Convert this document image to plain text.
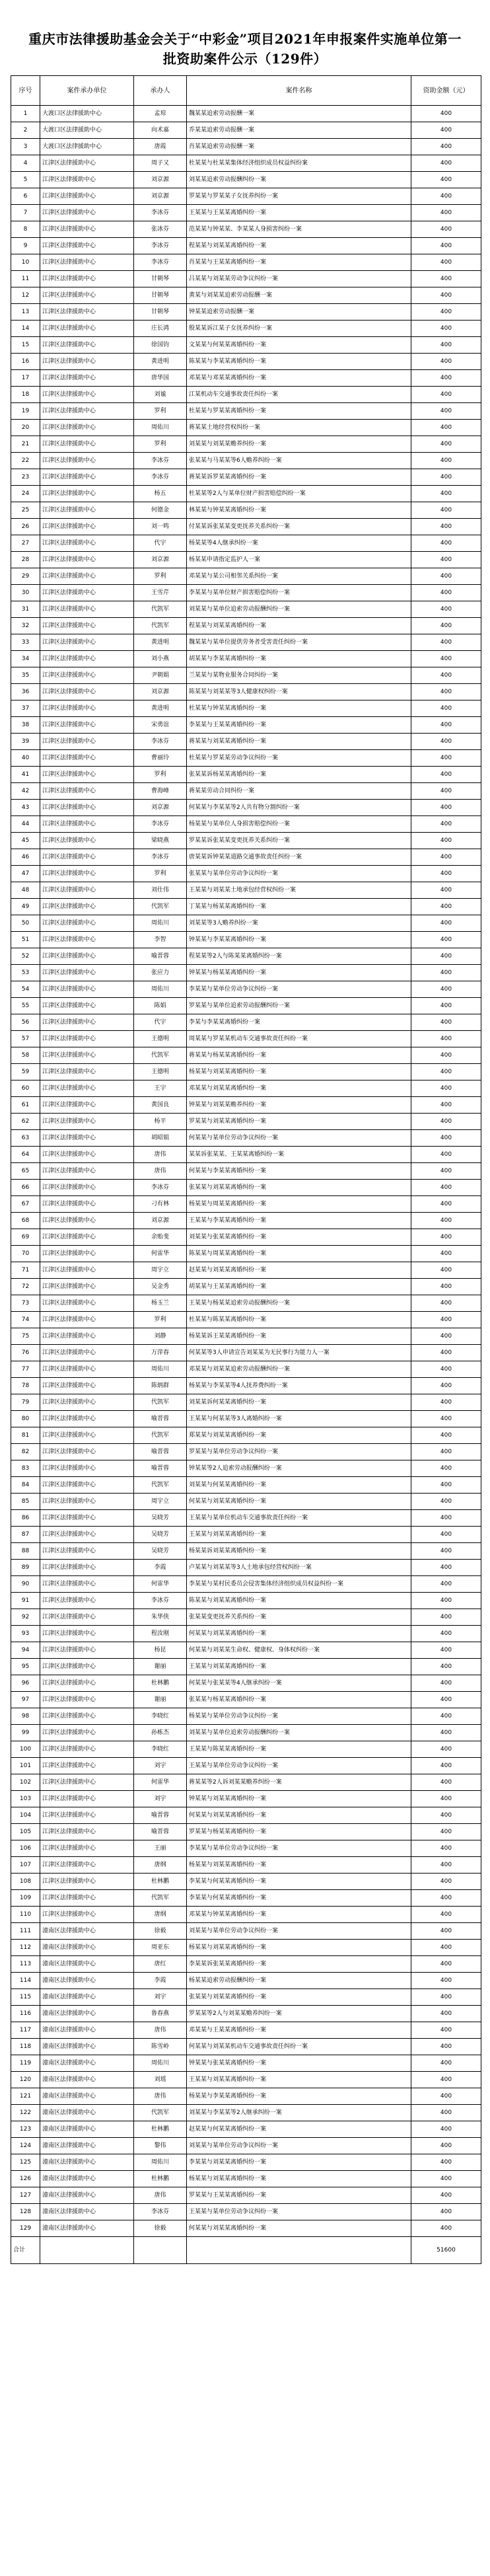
重庆市法律援助基金会关于“中彩金”项目2021年申报案件实施单位第一批资助案件公示（129件）
序号	案件承办单位	承办人	案件名称	资助金额（元）
1	大渡口区法律援助中心	孟琼	魏某某追索劳动报酬一案	400
2	大渡口区法律援助中心	向术嘉	乔某某追索劳动报酬一案	400
3	大渡口区法律援助中心	唐霞	肖某某追索劳动报酬一案	400
4	江津区法律援助中心	周子又	杜某某与杜某某集体经济组织成员权益纠纷案	400
5	江津区法律援助中心	刘京源	刘某某追索劳动报酬纠纷一案	400
6	江津区法律援助中心	刘京源	罗某某与罗某某子女抚养纠纷一案	400
7	江津区法律援助中心	李冰芬	王某某与王某某离婚纠纷一案	400
8	江津区法律援助中心	张冰芬	范某某与钟某某、李某某人身损害纠纷一案	400
9	江津区法律援助中心	李冰芬	程某某与刘某某离婚纠纷一案	400
10	江津区法律援助中心	李冰芬	肖某某与王某某离婚纠纷一案	400
11	江津区法律援助中心	甘朝琴	吕某某与刘某某劳动争议纠纷一案	400
12	江津区法律援助中心	甘朝琴	黄某与刘某某追索劳动报酬一案	400
13	江津区法律援助中心	甘朝琴	钟某某追索劳动报酬一案	400
14	江津区法律援助中心	庄长鸿	殷某某诉江某子女抚养纠纷一案	400
15	江津区法律援助中心	徐国钧	文某某与何某某离婚纠纷一案	400
16	江津区法律援助中心	黄进明	陈某某与李某某离婚纠纷一案	400
17	江津区法律援助中心	唐华国	邓某某与邓某某离婚纠纷一案	400
18	江津区法律援助中心	刘谧	江某机动车交通事故责任纠纷一案	400
19	江津区法律援助中心	罗利	杜某某与罗某某离婚纠纷一案	400
20	江津区法律援助中心	周佑川	蒋某某土地经营权纠纷一案	400
21	江津区法律援助中心	罗利	刘某某与刘某某赡养纠纷一案	400
22	江津区法律援助中心	李冰芬	张某某与马某某等6人赡养纠纷一案	400
23	江津区法律援助中心	李冰芬	蒋某某诉罗某某离婚纠纷一案	400
24	江津区法律援助中心	杨五	杜某某等2人与某单位财产损害赔偿纠纷一案	400
25	江津区法律援助中心	何德金	林某某与钟某某离婚纠纷一案	400
26	江津区法律援助中心	刘一鸣	付某某诉张某某变更抚养关系纠纷一案	400
27	江津区法律援助中心	代宇	杨某某等4人继承纠纷一案	400
28	江津区法律援助中心	刘京源	杨某某申请指定监护人一案	400
29	江津区法律援助中心	罗利	邓某某与某公司相邻关系纠纷一案	400
30	江津区法律援助中心	王雪芹	李某某与某单位财产损害赔偿纠纷一案	400
31	江津区法律援助中心	代凯军	刘某某与某单位追索劳动报酬纠纷一案	400
32	江津区法律援助中心	代凯军	程某某与刘某某离婚纠纷一案	400
33	江津区法律援助中心	黄进明	魏某某与某单位提供劳务者受害责任纠纷一案	400
34	江津区法律援助中心	刘小燕	胡某某与李某某离婚纠纷一案	400
35	江津区法律援助中心	尹朝娟	兰某某与某物业服务合同纠纷一案	400
36	江津区法律援助中心	刘京源	陈某某与刘某某等3人健康权纠纷一案	400
37	江津区法律援助中心	黄进明	杜某某与钟某某离婚纠纷一案	400
38	江津区法律援助中心	宋勇谊	李某某与王某某离婚纠纷一案	400
39	江津区法律援助中心	李冰芬	蒋某某与刘某某离婚纠纷一案	400
40	江津区法律援助中心	曹丽玲	杜某某与罗某某劳动争议纠纷一案	400
41	江津区法律援助中心	罗利	张某某诉杨某某离婚纠纷一案	400
42	江津区法律援助中心	曹海峰	蒋某某劳动合同纠纷一案	400
43	江津区法律援助中心	刘京源	何某某与李某某等2人共有物分割纠纷一案	400
44	江津区法律援助中心	李冰芬	杨某某与某单位人身损害赔偿纠纷一案	400
45	江津区法律援助中心	梁晓燕	罗某某诉张某某变更抚养关系纠纷一案	400
46	江津区法律援助中心	李冰芬	唐某某诉钟某某道路交通事故责任纠纷一案	400
47	江津区法律援助中心	罗利	张某某与某单位劳动争议纠纷一案	400
48	江津区法律援助中心	刘仕伟	王某某与刘某某土地承包经营权纠纷一案	400
49	江津区法律援助中心	代凯军	丁某某与杨某某离婚纠纷一案	400
50	江津区法律援助中心	周佑川	刘某某等3人赡养纠纷一案	400
51	江津区法律援助中心	李智	钟某某与李某某离婚纠纷一案	400
52	江津区法律援助中心	喻晋蓉	程某某等2人与陈某某离婚纠纷一案	400
53	江津区法律援助中心	张应力	钟某某与杨某某离婚纠纷一案	400
54	江津区法律援助中心	周佑川	李某某与某单位劳动争议纠纷一案	400
55	江津区法律援助中心	陈娟	罗某某与某单位追索劳动报酬纠纷一案	400
56	江津区法律援助中心	代宇	李某与李某某离婚纠纷一案	400
57	江津区法律援助中心	王德明	周某某与罗某某机动车交通事故责任纠纷一案	400
58	江津区法律援助中心	代凯军	蒋某某与杨某某离婚纠纷一案	400
59	江津区法律援助中心	王德明	杨某某与刘某某离婚纠纷一案	400
60	江津区法律援助中心	王宇	邓某某与刘某某离婚纠纷一案	400
61	江津区法律援助中心	黄国良	钟某某与刘某某赡养纠纷一案	400
62	江津区法律援助中心	杨平	罗某某与刘某某离婚纠纷一案	400
63	江津区法律援助中心	胡昭娟	何某某与某单位劳动争议纠纷一案	400
64	江津区法律援助中心	唐伟	某某诉张某某、王某某离婚纠纷一案	400
65	江津区法律援助中心	唐伟	何某某与李某某离婚纠纷一案	400
66	江津区法律援助中心	李冰芬	张某某与刘某某离婚纠纷一案	400
67	江津区法律援助中心	刁有林	杨某某与周某某离婚纠纷一案	400
68	江津区法律援助中心	刘京源	王某某与李某某离婚纠纷一案	400
69	江津区法律援助中心	余贻斐	刘某某与张某某离婚纠纷一案	400
70	江津区法律援助中心	何雷华	陈某某与周某某离婚纠纷一案	400
71	江津区法律援助中心	周宇立	赵某某与刘某某离婚纠纷一案	400
72	江津区法律援助中心	吴金秀	胡某某与王某某离婚纠纷一案	400
73	江津区法律援助中心	杨玉兰	王某某与杨某某追索劳动报酬纠纷一案	400
74	江津区法律援助中心	罗利	杜某某与陈某某离婚纠纷一案	400
75	江津区法律援助中心	刘静	杨某某诉王某某离婚纠纷一案	400
76	江津区法律援助中心	万萍春	何某某等3人申请宣告刘某某为无民事行为能力人一案	400
77	江津区法律援助中心	周佑川	邓某某与刘某某追索劳动报酬纠纷一案	400
78	江津区法律援助中心	陈炳群	杨某某与李某某等4人抚养费纠纷一案	400
79	江津区法律援助中心	代凯军	刘某某诉何某某离婚纠纷一案	400
80	江津区法律援助中心	喻晋蓉	王某某与何某某等3人离婚纠纷一案	400
81	江津区法律援助中心	代凯军	郑某某与刘某某离婚纠纷一案	400
82	江津区法律援助中心	喻晋蓉	罗某某与某单位劳动争议纠纷一案	400
83	江津区法律援助中心	喻晋蓉	钟某某等2人追索劳动报酬纠纷一案	400
84	江津区法律援助中心	代凯军	刘某某与何某某离婚纠纷一案	400
85	江津区法律援助中心	周宇立	何某某与刘某某离婚纠纷一案	400
86	江津区法律援助中心	吴晓芳	王某某与某单位机动车交通事故责任纠纷一案	400
87	江津区法律援助中心	吴晓芳	王某某与刘某某离婚纠纷一案	400
88	江津区法律援助中心	吴晓芳	杨某某诉刘某某离婚纠纷一案	400
89	江津区法律援助中心	李霞	卢某某与刘某某等3人土地承包经营权纠纷一案	400
90	江津区法律援助中心	何雷华	李某某与某村民委员会侵害集体经济组织成员权益纠纷一案	400
91	江津区法律援助中心	李冰芬	陈某某与刘某某离婚纠纷一案	400
92	江津区法律援助中心	朱华侠	张某某变更抚养关系纠纷一案	400
93	江津区法律援助中心	程汝刚	何某某与刘某某离婚纠纷一案	400
94	江津区法律援助中心	杨昆	何某某与刘某某生命权、健康权、身体权纠纷一案	400
95	江津区法律援助中心	谢丽	王某某与刘某某离婚纠纷一案	400
96	江津区法律援助中心	杜林鹏	何某某与张某某等4人继承纠纷一案	400
97	江津区法律援助中心	谢丽	张某某与杨某某离婚纠纷一案	400
98	江津区法律援助中心	李晓红	杨某某与某单位劳动争议纠纷一案	400
99	江津区法律援助中心	孙栋杰	刘某某与某单位追索劳动报酬纠纷一案	400
100	江津区法律援助中心	李晓红	王某某与陈某某离婚纠纷一案	400
101	江津区法律援助中心	刘宇	王某某与某单位劳动争议纠纷一案	400
102	江津区法律援助中心	何雷华	蒋某某等2人诉刘某某赡养纠纷一案	400
103	江津区法律援助中心	刘宇	钟某某与刘某某离婚纠纷一案	400
104	江津区法律援助中心	喻晋蓉	何某某与刘某某离婚纠纷一案	400
105	江津区法律援助中心	喻晋蓉	罗某某与杨某某离婚纠纷一案	400
106	江津区法律援助中心	王丽	李某某与某单位劳动争议纠纷一案	400
107	江津区法律援助中心	唐纲	杨某某与刘某某离婚纠纷一案	400
108	江津区法律援助中心	杜林鹏	李某某与何某某离婚纠纷一案	400
109	江津区法律援助中心	代凯军	李某某与何某某离婚纠纷一案	400
110	江津区法律援助中心	唐纲	邓某某与钟某某离婚纠纷一案	400
111	潼南区法律援助中心	徐毅	刘某某与某单位劳动争议纠纷一案	400
112	潼南区法律援助中心	周亚东	杨某某与刘某某离婚纠纷一案	400
113	潼南区法律援助中心	唐红	李某某诉张某某离婚纠纷一案	400
114	潼南区法律援助中心	李霞	杨某某追索劳动报酬纠纷一案	400
115	潼南区法律援助中心	刘宇	张某某与刘某某离婚纠纷一案	400
116	潼南区法律援助中心	鲁春燕	罗某某等2人与刘某某赡养纠纷一案	400
117	潼南区法律援助中心	唐伟	邓某某与王某某离婚纠纷一案	400
118	潼南区法律援助中心	陈雪岭	何某某与刘某某机动车交通事故责任纠纷一案	400
119	潼南区法律援助中心	周佑川	钟某某与张某某离婚纠纷一案	400
120	潼南区法律援助中心	刘瑶	王某某与刘某某离婚纠纷一案	400
121	潼南区法律援助中心	唐伟	杨某某与李某某离婚纠纷一案	400
122	潼南区法律援助中心	代凯军	刘某某与李某某等2人继承纠纷一案	400
123	潼南区法律援助中心	杜林鹏	赵某某与何某某离婚纠纷一案	400
124	潼南区法律援助中心	黎伟	刘某某与某单位劳动争议纠纷一案	400
125	潼南区法律援助中心	周佑川	李某某与刘某某离婚纠纷一案	400
126	潼南区法律援助中心	杜林鹏	杨某某与刘某某离婚纠纷一案	400
127	潼南区法律援助中心	唐伟	罗某某与王某某离婚纠纷一案	400
128	潼南区法律援助中心	李冰芬	王某某与某单位劳动争议纠纷一案	400
129	潼南区法律援助中心	徐毅	何某某与刘某某离婚纠纷一案	400
合计				51600
